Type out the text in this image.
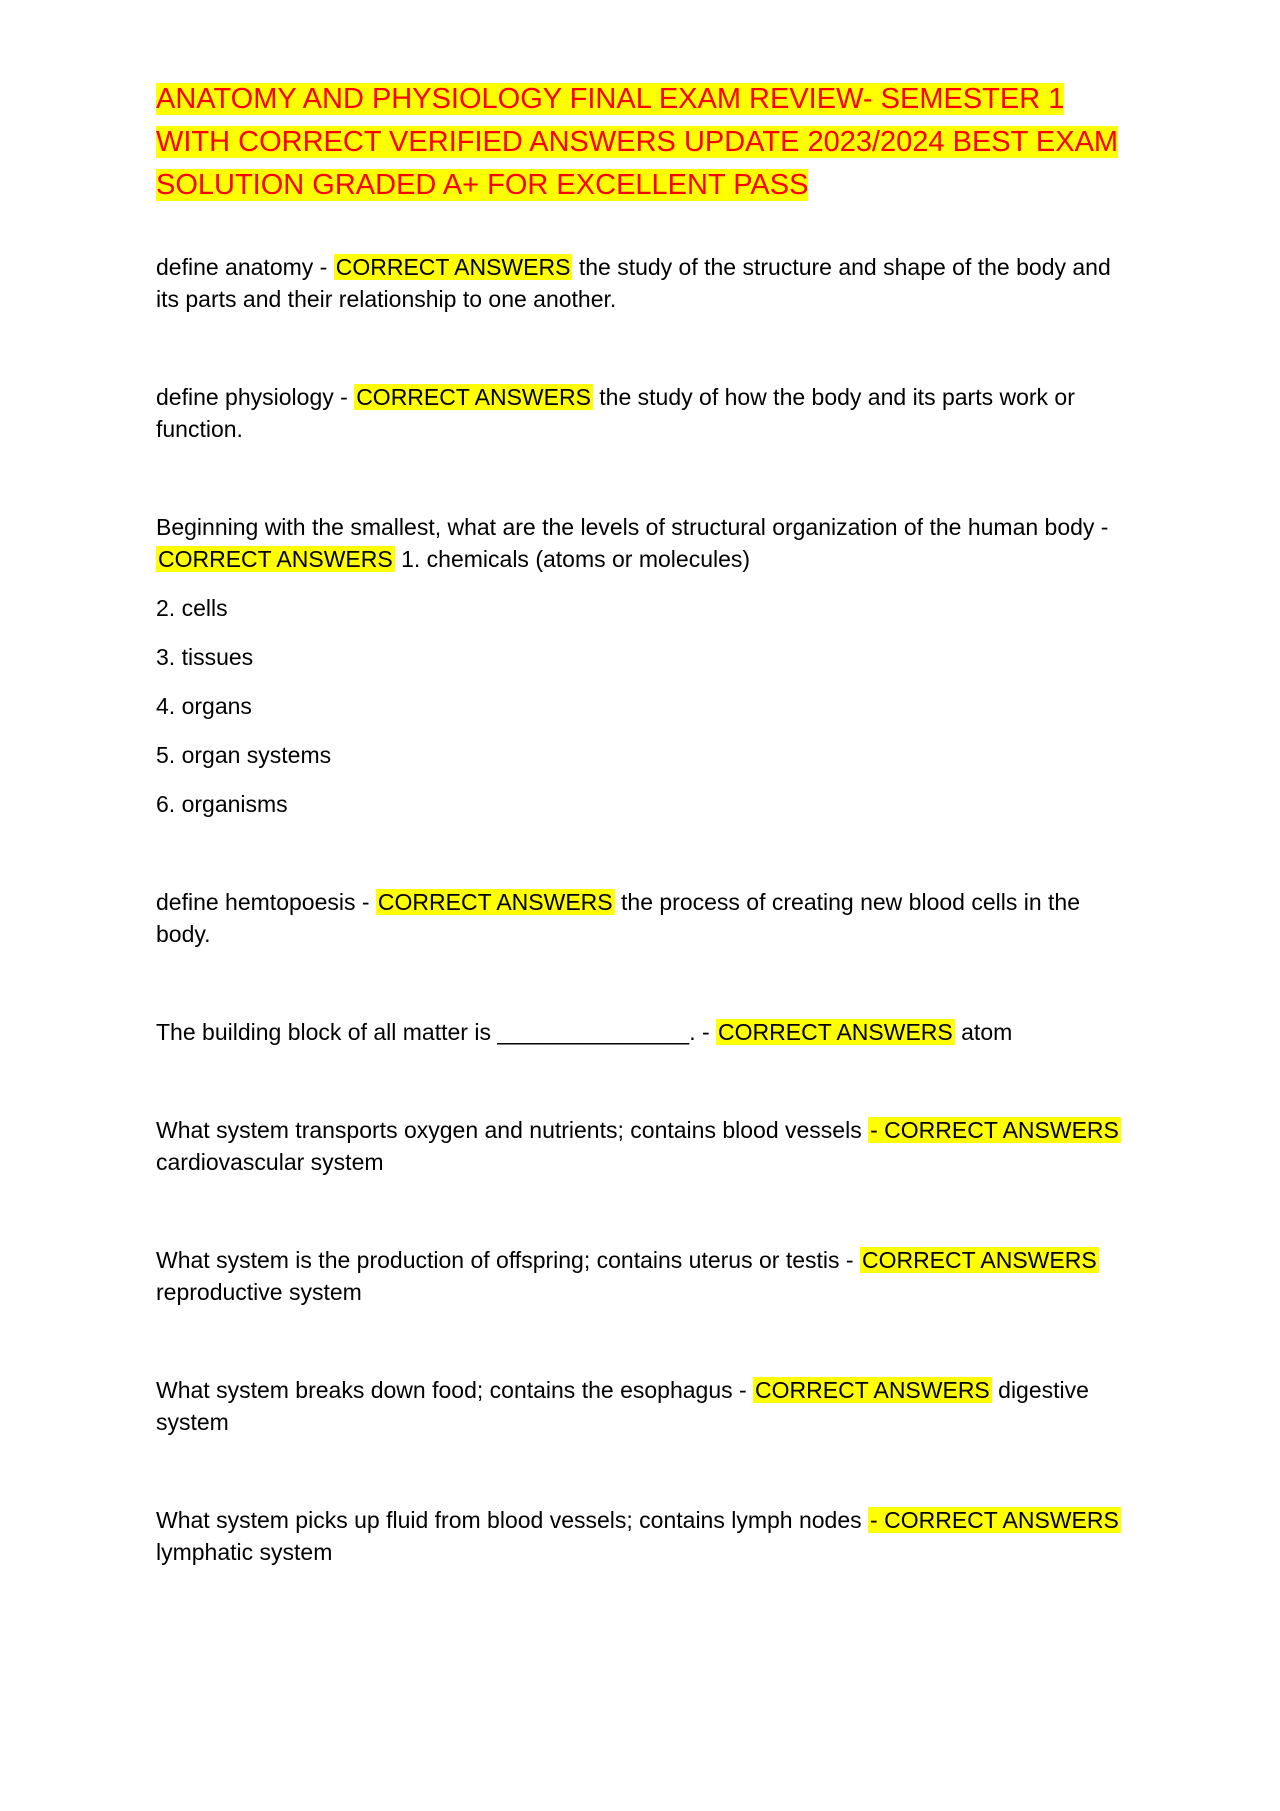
ANATOMY AND PHYSIOLOGY FINAL EXAM REVIEW- SEMESTER 1
WITH CORRECT VERIFIED ANSWERS UPDATE 2023/2024 BEST EXAM
SOLUTION GRADED A+ FOR EXCELLENT PASS

define anatomy - CORRECT ANSWERS the study of the structure and shape of the body and its parts and their relationship to one another.

define physiology - CORRECT ANSWERS the study of how the body and its parts work or function.

Beginning with the smallest, what are the levels of structural organization of the human body - CORRECT ANSWERS 1. chemicals (atoms or molecules)

2. cells

3. tissues

4. organs

5. organ systems

6. organisms

define hemtopoesis - CORRECT ANSWERS the process of creating new blood cells in the body.

The building block of all matter is _______________. - CORRECT ANSWERS atom

What system transports oxygen and nutrients; contains blood vessels - CORRECT ANSWERS cardiovascular system

What system is the production of offspring; contains uterus or testis - CORRECT ANSWERS reproductive system

What system breaks down food; contains the esophagus - CORRECT ANSWERS digestive system

What system picks up fluid from blood vessels; contains lymph nodes - CORRECT ANSWERS lymphatic system
